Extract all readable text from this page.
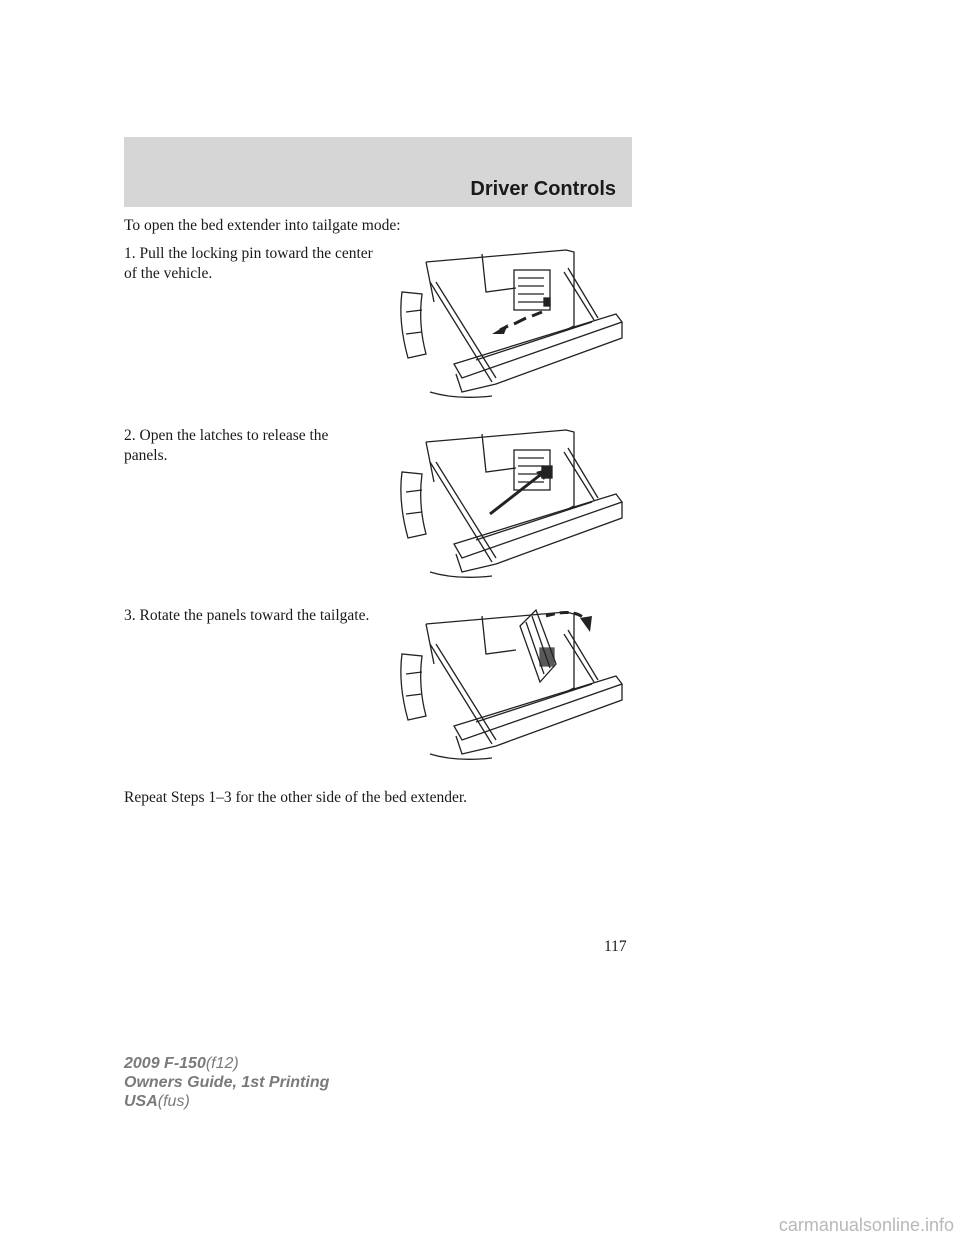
Driver Controls
To open the bed extender into tailgate mode:
1. Pull the locking pin toward the center of the vehicle.
2. Open the latches to release the panels.
3. Rotate the panels toward the tailgate.
Repeat Steps 1–3 for the other side of the bed extender.
117
2009 F-150(f12)
Owners Guide, 1st Printing
USA(fus)
carmanualsonline.info
